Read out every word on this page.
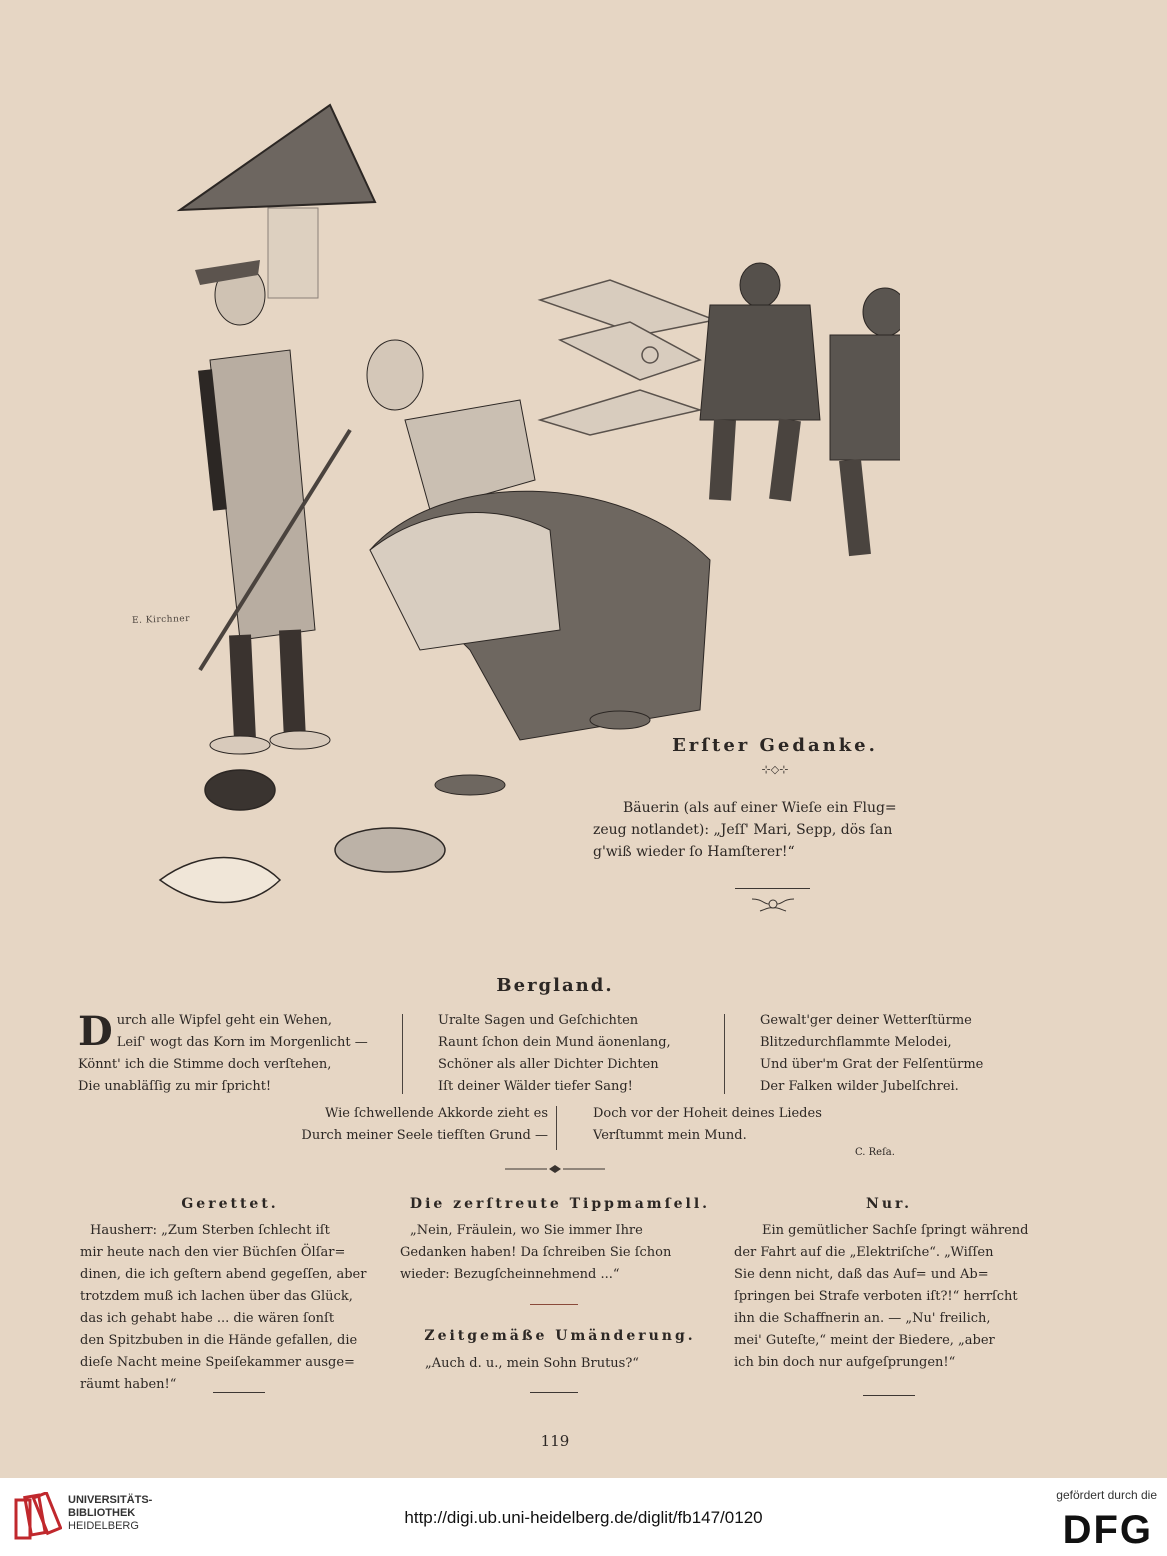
E. Kirchner
Erſter Gedanke.
⊹◇⊹
Bäuerin (als auf einer Wieſe ein Flug=
zeug notlandet): „Jeſſ' Mari, Sepp, dös ſan
g'wiß wieder ſo Hamſterer!“
Bergland.
D urch alle Wipfel geht ein Wehen,
Leiſ' wogt das Korn im Morgenlicht —
Könnt' ich die Stimme doch verſtehen,
Die unabläſſig zu mir ſpricht!
Uralte Sagen und Geſchichten
Raunt ſchon dein Mund äonenlang,
Schöner als aller Dichter Dichten
Iſt deiner Wälder tiefer Sang!
Gewalt'ger deiner Wetterſtürme
Blitzedurchflammte Melodei,
Und über'm Grat der Felſentürme
Der Falken wilder Jubelſchrei.
Wie ſchwellende Akkorde zieht es
Durch meiner Seele tiefſten Grund —
Doch vor der Hoheit deines Liedes
Verſtummt mein Mund.
C. Reſa.
Gerettet.
Hausherr: „Zum Sterben ſchlecht iſt
mir heute nach den vier Büchſen Ölſar=
dinen, die ich geſtern abend gegeſſen, aber
trotzdem muß ich lachen über das Glück,
das ich gehabt habe ... die wären ſonſt
den Spitzbuben in die Hände gefallen, die
dieſe Nacht meine Speiſekammer ausge=
räumt haben!“
Die zerſtreute Tippmamſell.
„Nein, Fräulein, wo Sie immer Ihre
Gedanken haben! Da ſchreiben Sie ſchon
wieder: Bezugſcheinnehmend ...“
Zeitgemäße Umänderung.
„Auch d. u., mein Sohn Brutus?“
Nur.
Ein gemütlicher Sachſe ſpringt während
der Fahrt auf die „Elektriſche“. „Wiſſen
Sie denn nicht, daß das Auf= und Ab=
ſpringen bei Strafe verboten iſt?!“ herrſcht
ihn die Schaffnerin an. — „Nu' freilich,
mei' Guteſte,“ meint der Biedere, „aber
ich bin doch nur aufgeſprungen!“
119
UNIVERSITÄTS-
BIBLIOTHEK
HEIDELBERG	http://digi.ub.uni-heidelberg.de/diglit/fb147/0120
gefördert durch die
DFG
